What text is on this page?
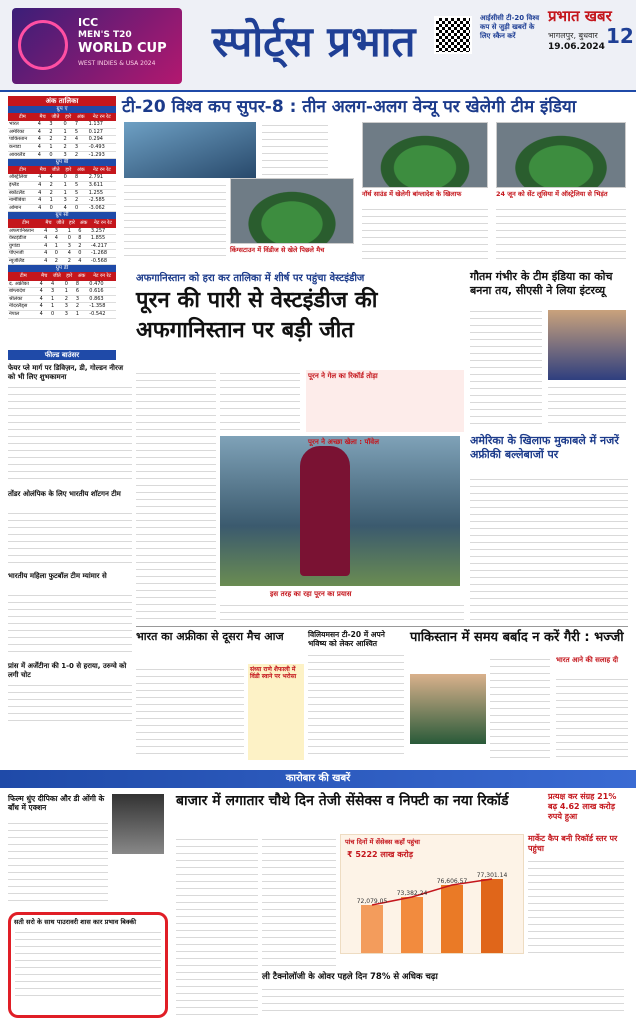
ICC
MEN'S T20
WORLD CUP
WEST INDIES & USA 2024 स्पोर्ट्स प्रभात	आईसीसी टी-20 विश्व कप से जुड़ी खबरों के लिए स्कैन करें
प्रभात खबर
भागलपुर, बुधवार
19.06.2024 12
अंक तालिका
ग्रुप ए
टीम	मैच	जीते	हारे	अंक	नेट रन रेट
भारत	4	3	0	7	1.137
अमेरिका	4	2	1	5	0.127
पाकिस्तान	4	2	2	4	0.294
कनाडा	4	1	2	3	-0.493
आयरलैंड	4	0	3	2	-1.293
ग्रुप बी
टीम	मैच	जीते	हारे	अंक	नेट रन रेट
ऑस्ट्रेलिया	4	4	0	8	2.791
इंग्लैंड	4	2	1	5	3.611
स्कॉटलैंड	4	2	1	5	1.255
नामीबिया	4	1	3	2	-2.585
ओमान	4	0	4	0	-3.062
ग्रुप सी
टीम	मैच	जीते	हारे	अंक	नेट रन रेट
अफगानिस्तान	4	3	1	6	3.257
वेस्टइंडीज	4	4	0	8	1.855
युगांडा	4	1	3	2	-4.217
पीएनजी	4	0	4	0	-1.268
न्यूजीलैंड	4	2	2	4	-0.568
ग्रुप डी
टीम	मैच	जीते	हारे	अंक	नेट रन रेट
द. अफ्रीका	4	4	0	8	0.470
बांग्लादेश	4	3	1	6	0.616
श्रीलंका	4	1	2	3	0.863
नीदरलैंड्स	4	1	3	2	-1.358
नेपाल	4	0	3	1	-0.542
टी-20 विश्व कप सुपर-8 : तीन अलग-अलग वेन्यू पर खेलेगी टीम इंडिया
किंग्सटाउन में विंडीज से खेले पिछले मैच
नॉर्थ साउंड में खेलेगी बांग्लादेश के खिलाफ	24 जून को सेंट लूसिया में ऑस्ट्रेलिया से भिड़ंत
अफगानिस्तान को हरा कर तालिका में शीर्ष पर पहुंचा वेस्टइंडीज
पूरन की पारी से वेस्टइंडीज की अफगानिस्तान पर बड़ी जीत
इस तरह का रहा पूरन का प्रयास
पूरन ने गेल का रिकॉर्ड तोड़ा
पूरन ने अच्छा खेला : पॉवेल
फील्ड बाउंसर
फेयर प्ले मार्ग पर डिविज़न, डी, गोल्डन नीरज को भी लिए शुभकामना
तोंडर ओलंपिक के लिए भारतीय शॉटगन टीम
भारतीय महिला फुटबॉल टीम म्यांमार से
प्रांस में अर्जेंटीना की 1-0 से हराया, उरुग्वे को लगी चोट
गौतम गंभीर के टीम इंडिया का कोच बनना तय, सीएसी ने लिया इंटरव्यू
अमेरिका के खिलाफ मुकाबले में नजरें अफ्रीकी बल्लेबाजों पर
भारत का अफ्रीका से दूसरा मैच आज
संध्या राणे शैफाली में विंडी स्वाने पर भरोसा
विलियमसन टी-20 में अपने भविष्य को लेकर आश्वित	पाकिस्तान में समय बर्बाद न करें गैरी : भज्जी
भारत आने की सलाह दी
कारोबार की खबरें
फिल्म धुंए दीपिका और डी ओंगी के बाँध में एक्शन
सती सरो के साथ पाउरावरी शास कार प्रभाव बिक्की
बाजार में लगातार चौथे दिन तेजी सेंसेक्स व निफ्टी का नया रिकॉर्ड
पांच दिनों में सेंसेक्स कहाँ पहुंचा
₹ 5222 लाख करोड़
72,079.05
73,382.24
76,606.57
77,301.14
मार्केट कैप बनी रिकॉर्ड स्तर पर पहुंचा
ली टैक्नोलॉजी के ओवर पहले दिन 78% से अधिक चढ़ा
प्रत्यक्ष कर संग्रह 21% बढ़ 4.62 लाख करोड़ रुपये हुआ
